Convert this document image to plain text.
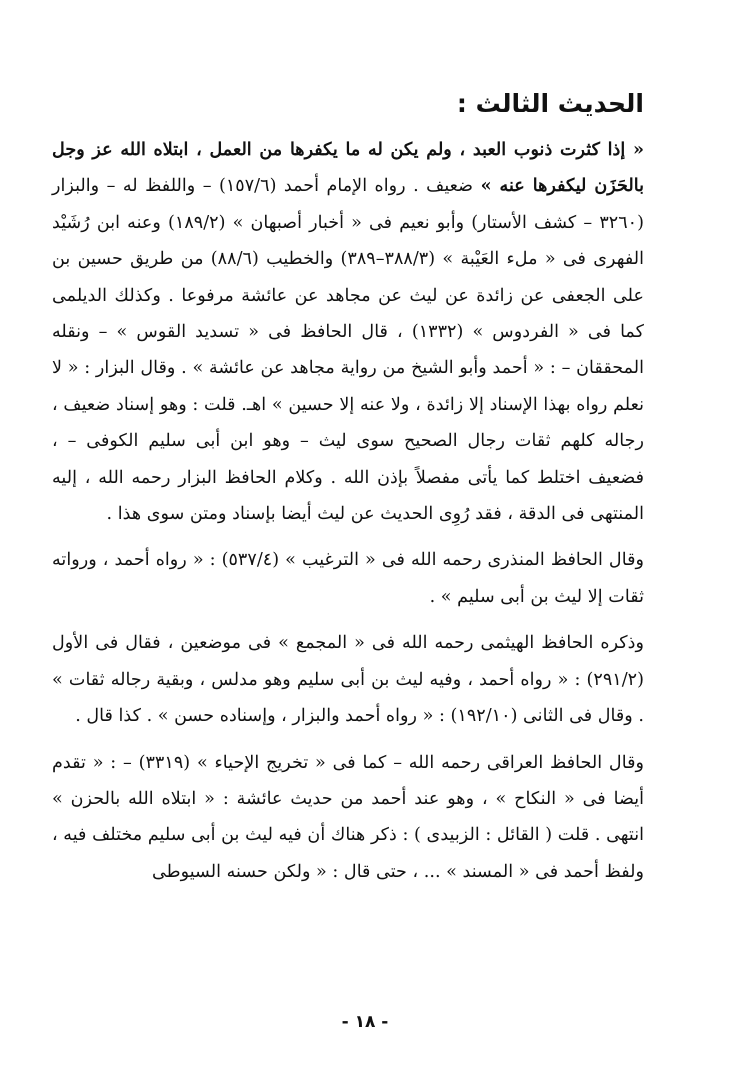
الحديث الثالث :

« إذا كثرت ذنوب العبد ، ولم يكن له ما يكفرها من العمل ، ابتلاه الله عز وجل بالحَزَن ليكفرها عنه » ضعيف . رواه الإمام أحمد (١٥٧/٦) – واللفظ له – والبزار (٣٢٦٠ – كشف الأستار) وأبو نعيم فى « أخبار أصبهان » (١٨٩/٢) وعنه ابن رُشَيْد الفهرى فى « ملء العَيْبة » (٣٨٨/٣–٣٨٩) والخطيب (٨٨/٦) من طريق حسين بن على الجعفى عن زائدة عن ليث عن مجاهد عن عائشة مرفوعا . وكذلك الديلمى كما فى « الفردوس » (١٣٣٢) ، قال الحافظ فى « تسديد القوس » – ونقله المحققان – : « أحمد وأبو الشيخ من رواية مجاهد عن عائشة » . وقال البزار : « لا نعلم رواه بهذا الإسناد إلا زائدة ، ولا عنه إلا حسين » اهـ. قلت : وهو إسناد ضعيف ، رجاله كلهم ثقات رجال الصحيح سوى ليث – وهو ابن أبى سليم الكوفى – ، فضعيف اختلط كما يأتى مفصلاً بإذن الله . وكلام الحافظ البزار رحمه الله ، إليه المنتهى فى الدقة ، فقد رُوِى الحديث عن ليث أيضا بإسناد ومتن سوى هذا .

وقال الحافظ المنذرى رحمه الله فى « الترغيب » (٥٣٧/٤) : « رواه أحمد ، ورواته ثقات إلا ليث بن أبى سليم » .

وذكره الحافظ الهيثمى رحمه الله فى « المجمع » فى موضعين ، فقال فى الأول (٢٩١/٢) : « رواه أحمد ، وفيه ليث بن أبى سليم وهو مدلس ، وبقية رجاله ثقات » . وقال فى الثانى (١٩٢/١٠) : « رواه أحمد والبزار ، وإسناده حسن » . كذا قال .

وقال الحافظ العراقى رحمه الله – كما فى « تخريج الإحياء » (٣٣١٩) – : « تقدم أيضا فى « النكاح » ، وهو عند أحمد من حديث عائشة : « ابتلاه الله بالحزن » انتهى . قلت ( القائل : الزبيدى ) : ذكر هناك أن فيه ليث بن أبى سليم مختلف فيه ، ولفظ أحمد فى « المسند » ... ، حتى قال : « ولكن حسنه السيوطى

- ١٨ -
